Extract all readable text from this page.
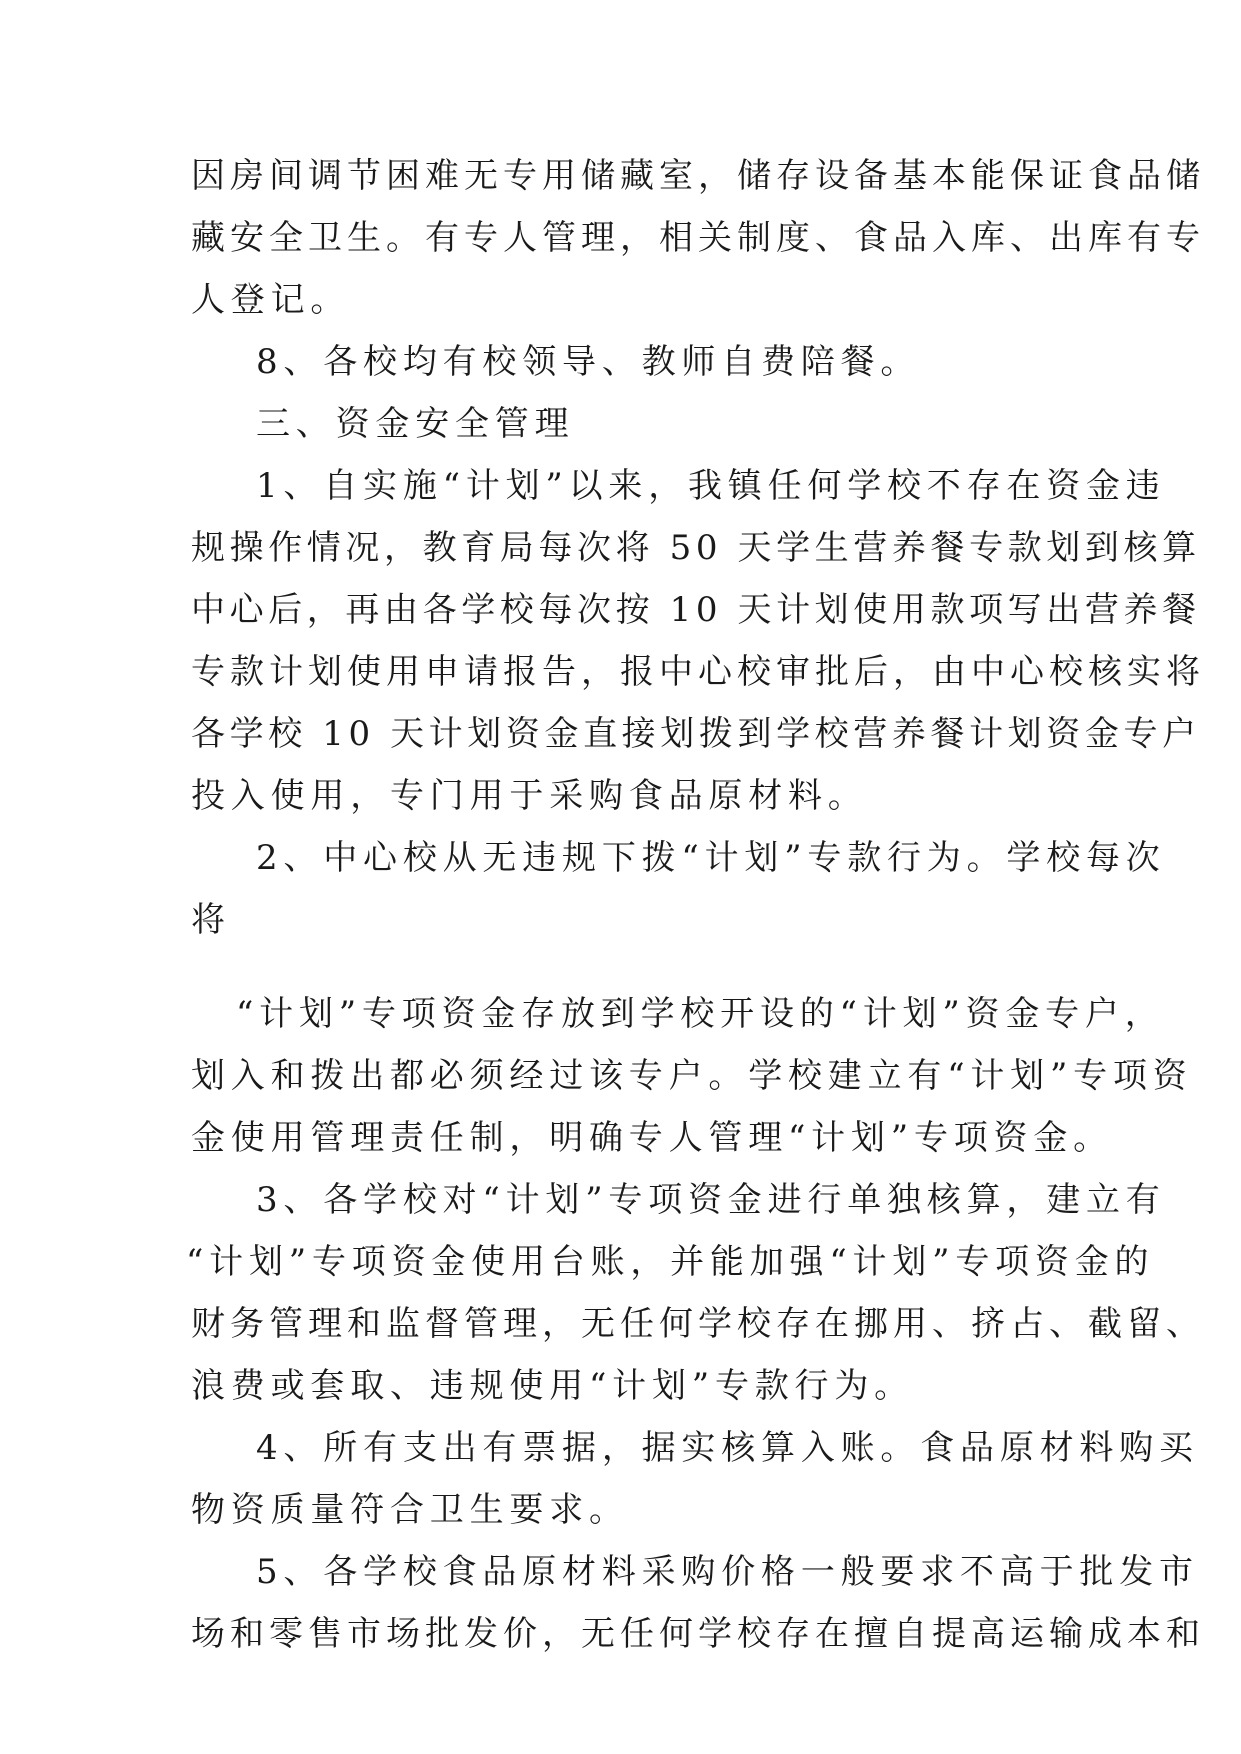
因房间调节困难无专用储藏室，储存设备基本能保证食品储
藏安全卫生。有专人管理，相关制度、食品入库、出库有专
人登记。
8、各校均有校领导、教师自费陪餐。
三、资金安全管理
1、自实施“计划”以来，我镇任何学校不存在资金违
规操作情况，教育局每次将 50 天学生营养餐专款划到核算
中心后，再由各学校每次按 10 天计划使用款项写出营养餐
专款计划使用申请报告，报中心校审批后，由中心校核实将
各学校 10 天计划资金直接划拨到学校营养餐计划资金专户
投入使用，专门用于采购食品原材料。
2、中心校从无违规下拨“计划”专款行为。学校每次
将
“计划”专项资金存放到学校开设的“计划”资金专户，
划入和拨出都必须经过该专户。学校建立有“计划”专项资
金使用管理责任制，明确专人管理“计划”专项资金。
3、各学校对“计划”专项资金进行单独核算，建立有
“计划”专项资金使用台账，并能加强“计划”专项资金的
财务管理和监督管理，无任何学校存在挪用、挤占、截留、
浪费或套取、违规使用“计划”专款行为。
4、所有支出有票据，据实核算入账。食品原材料购买
物资质量符合卫生要求。
5、各学校食品原材料采购价格一般要求不高于批发市
场和零售市场批发价，无任何学校存在擅自提高运输成本和
